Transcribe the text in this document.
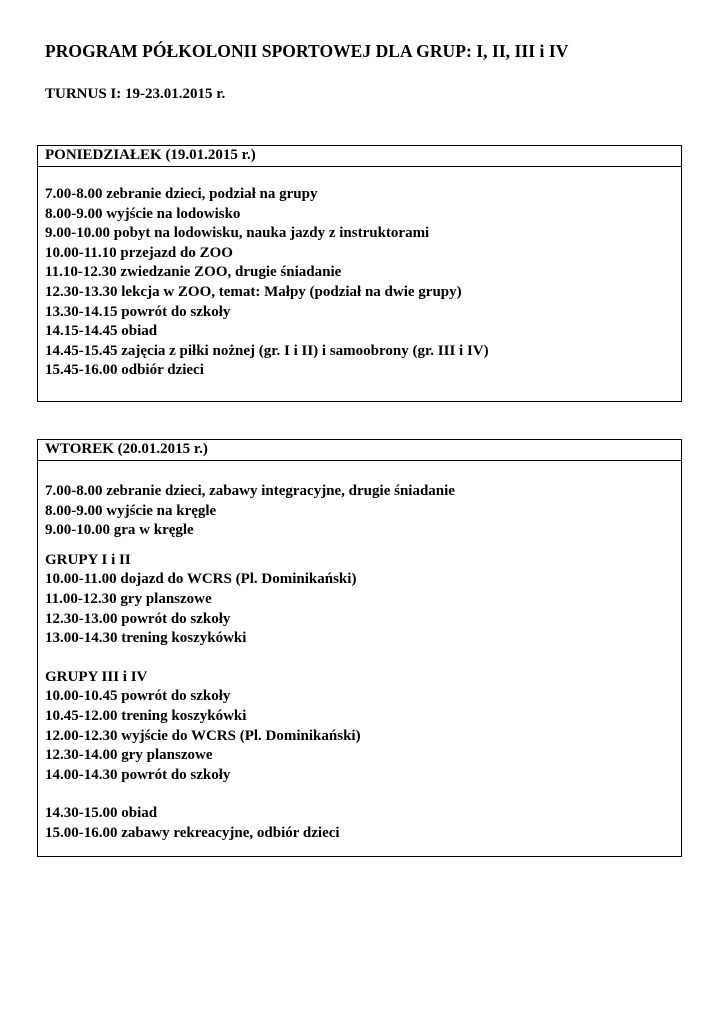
PROGRAM PÓŁKOLONII SPORTOWEJ DLA GRUP: I, II, III i IV
TURNUS I: 19-23.01.2015 r.
PONIEDZIAŁEK (19.01.2015 r.)
7.00-8.00 zebranie dzieci, podział na grupy
8.00-9.00 wyjście na lodowisko
9.00-10.00 pobyt na lodowisku, nauka jazdy z instruktorami
10.00-11.10 przejazd do ZOO
11.10-12.30 zwiedzanie ZOO, drugie śniadanie
12.30-13.30 lekcja w ZOO, temat: Małpy (podział na dwie grupy)
13.30-14.15 powrót do szkoły
14.15-14.45 obiad
14.45-15.45 zajęcia z piłki nożnej (gr. I i II) i samoobrony (gr. III i IV)
15.45-16.00 odbiór dzieci
WTOREK (20.01.2015 r.)
7.00-8.00 zebranie dzieci, zabawy integracyjne, drugie śniadanie
8.00-9.00 wyjście na kręgle
9.00-10.00 gra w kręgle
GRUPY I i II
10.00-11.00 dojazd do WCRS (Pl. Dominikański)
11.00-12.30 gry planszowe
12.30-13.00 powrót do szkoły
13.00-14.30 trening koszykówki
GRUPY III i IV
10.00-10.45 powrót do szkoły
10.45-12.00 trening koszykówki
12.00-12.30 wyjście do WCRS (Pl. Dominikański)
12.30-14.00 gry planszowe
14.00-14.30 powrót do szkoły
14.30-15.00 obiad
15.00-16.00 zabawy rekreacyjne, odbiór dzieci
